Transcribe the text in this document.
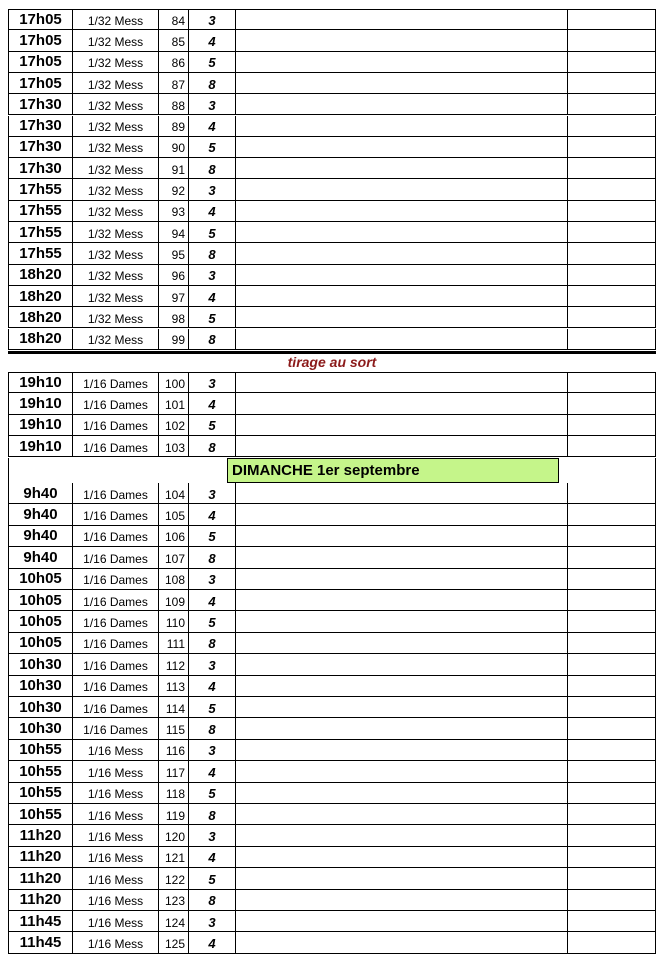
17h05	1/32 Mess	84	3
17h05	1/32 Mess	85	4
17h05	1/32 Mess	86	5
17h05	1/32 Mess	87	8
17h30	1/32 Mess	88	3
17h30	1/32 Mess	89	4
17h30	1/32 Mess	90	5
17h30	1/32 Mess	91	8
17h55	1/32 Mess	92	3
17h55	1/32 Mess	93	4
17h55	1/32 Mess	94	5
17h55	1/32 Mess	95	8
18h20	1/32 Mess	96	3
18h20	1/32 Mess	97	4
18h20	1/32 Mess	98	5
18h20	1/32 Mess	99	8
tirage au sort
19h10	1/16 Dames	100	3
19h10	1/16 Dames	101	4
19h10	1/16 Dames	102	5
19h10	1/16 Dames	103	8
DIMANCHE 1er septembre
9h40	1/16 Dames	104	3
9h40	1/16 Dames	105	4
9h40	1/16 Dames	106	5
9h40	1/16 Dames	107	8
10h05	1/16 Dames	108	3
10h05	1/16 Dames	109	4
10h05	1/16 Dames	110	5
10h05	1/16 Dames	111	8
10h30	1/16 Dames	112	3
10h30	1/16 Dames	113	4
10h30	1/16 Dames	114	5
10h30	1/16 Dames	115	8
10h55	1/16 Mess	116	3
10h55	1/16 Mess	117	4
10h55	1/16 Mess	118	5
10h55	1/16 Mess	119	8
11h20	1/16 Mess	120	3
11h20	1/16 Mess	121	4
11h20	1/16 Mess	122	5
11h20	1/16 Mess	123	8
11h45	1/16 Mess	124	3
11h45	1/16 Mess	125	4
